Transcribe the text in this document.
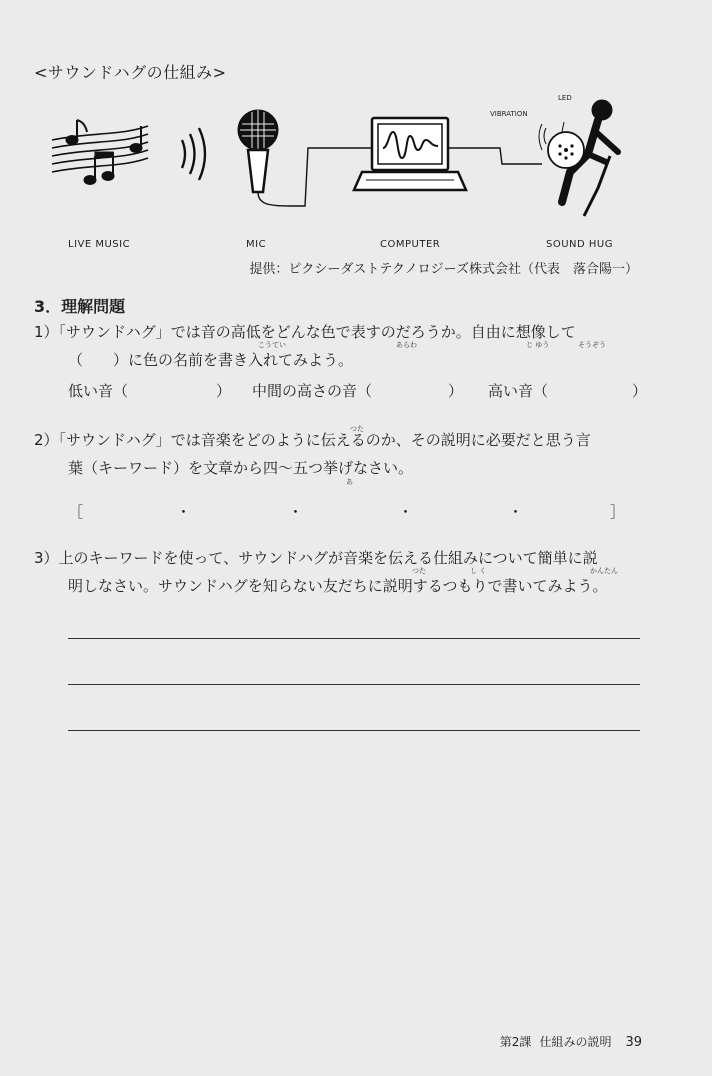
<サウンドハグの仕組み>
LIVE MUSIC	MIC	COMPUTER	SOUND HUG
VIBRATION
LED
提供：ピクシーダストテクノロジーズ株式会社（代表　落合陽一）
3．理解問題
1）「サウンドハグ」では音の高低をどんな色で表すのだろうか。自由に想像して
こうてい	あらわ	じ ゆう	そうぞう
（　　）に色の名前を書き入れてみよう。
低い音（	） 中間の高さの音（	） 高い音（	）
つた
2）「サウンドハグ」では音楽をどのように伝えるのか、その説明に必要だと思う言
葉（キーワード）を文章から四〜五つ挙げなさい。
あ
［	・	・	・	・	］
3）上のキーワードを使って、サウンドハグが音楽を伝える仕組みについて簡単に説
つた	し く	かんたん
明しなさい。サウンドハグを知らない友だちに説明するつもりで書いてみよう。
第2課 仕組みの説明 39
